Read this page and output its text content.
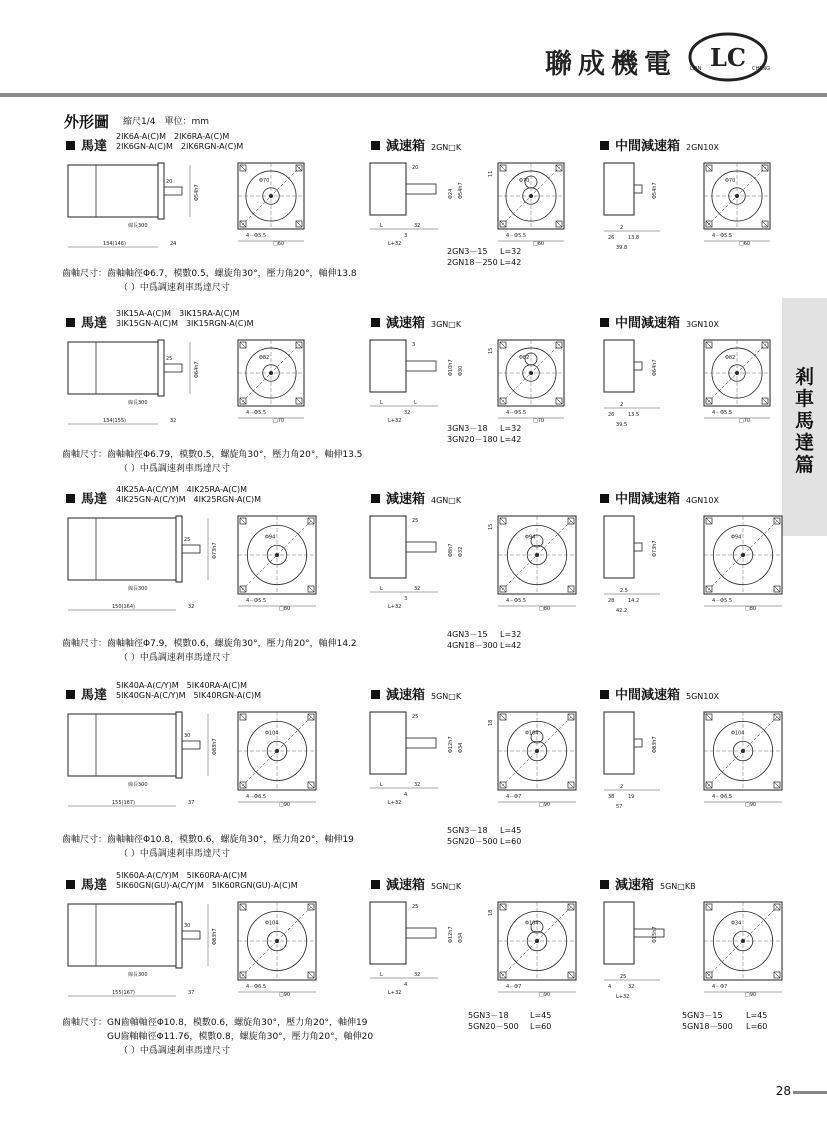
聯成機電 LC
LIAN	CHENG
外形圖 縮尺1/4　單位：mm
剎
車
馬
達
篇
馬達
2IK6A-A(C)M　2IK6RA-A(C)M
2IK6GN-A(C)M　2IK6RGN-A(C)M	減速箱 2GN□K	中間減速箱 2GN10X
Φ54h7
20
線長300
134(146)	24
Φ70
4－Φ5.5
□60
20
Φ24 Φ54h7
L	32
3
L+32
Φ70
4－Φ5.5
□60
11
2GN3－15 L=32
2GN18－250 L=42
Φ54h7
2
26	13.8
39.8
Φ70
4－Φ5.5
□60
齒軸尺寸：齒軸軸徑Φ6.7，模數0.5，螺旋角30°，壓力角20°，軸伸13.8
（ ）中爲調速剎車馬達尺寸
馬達
3IK15A-A(C)M　3IK15RA-A(C)M
3IK15GN-A(C)M　3IK15RGN-A(C)M	減速箱 3GN□K	中間減速箱 3GN10X
Φ64h7
25
線長300
134(155)	32
Φ82
4－Φ5.5
□70
3
Φ10h7 Φ30
L	L
32
L+32
Φ82
4－Φ5.5
□70
15
3GN3－18 L=32
3GN20－180 L=42
Φ64h7
2
26	13.5
39.5
Φ82
4－Φ5.5
□70
齒軸尺寸：齒軸軸徑Φ6.79，模數0.5，螺旋角30°，壓力角20°，軸伸13.5
（ ）中爲調速剎車馬達尺寸
馬達
4IK25A-A(C/Y)M　4IK25RA-A(C)M
4IK25GN-A(C/Y)M　4IK25RGN-A(C)M	減速箱 4GN□K	中間減速箱 4GN10X
Φ73h7
25
線長300
150(164)	32
Φ94
4－Φ5.5
□80
25
Φ8h7 Φ32
L	32
3
L+32
Φ94
4－Φ5.5
□80
15
4GN3－15 L=32
4GN18－300 L=42
Φ73h7
2.5
28	14.2
42.2
Φ94
4－Φ5.5
□80
齒軸尺寸：齒軸軸徑Φ7.9，模數0.6，螺旋角30°，壓力角20°，軸伸14.2
（ ）中爲調速剎車馬達尺寸
馬達
5IK40A-A(C/Y)M　5IK40RA-A(C)M
5IK40GN-A(C/Y)M　5IK40RGN-A(C)M	減速箱 5GN□K	中間減速箱 5GN10X
Φ83h7
30
線長300
155(167)	37
Φ104
4－Φ6.5
□90
25
Φ12h7 Φ34
L	32
4
L+32
Φ104
4－Φ7
□90
18
5GN3－18 L=45
5GN20－500 L=60
Φ83h7
2
38	19
57
Φ104
4－Φ6.5
□90
齒軸尺寸：齒軸軸徑Φ10.8，模數0.6，螺旋角30°，壓力角20°，軸伸19
（ ）中爲調速剎車馬達尺寸
馬達
5IK60A-A(C/Y)M　5IK60RA-A(C)M
5IK60GN(GU)-A(C/Y)M　5IK60RGN(GU)-A(C)M	減速箱 5GN□K	減速箱 5GN□KB
Φ83h7
30
線長300
155(167)	37
Φ104
4－Φ6.5
□90
25
Φ12h7 Φ34
L	32
4
L+32
Φ104
4－Φ7
□90
18
5GN3－18	L=45
5GN20－500 L=60
5GN3－15	L=45
5GN18－500 L=60
Φ15h7
25
4	32
L+32
Φ34
4－Φ7
□90
齒軸尺寸：GN齒軸軸徑Φ10.8，模數0.6，螺旋角30°，壓力角20°，軸伸19
　　　　　GU齒軸軸徑Φ11.76，模數0.8，螺旋角30°，壓力角20°，軸伸20
（ ）中爲調速剎車馬達尺寸
28
